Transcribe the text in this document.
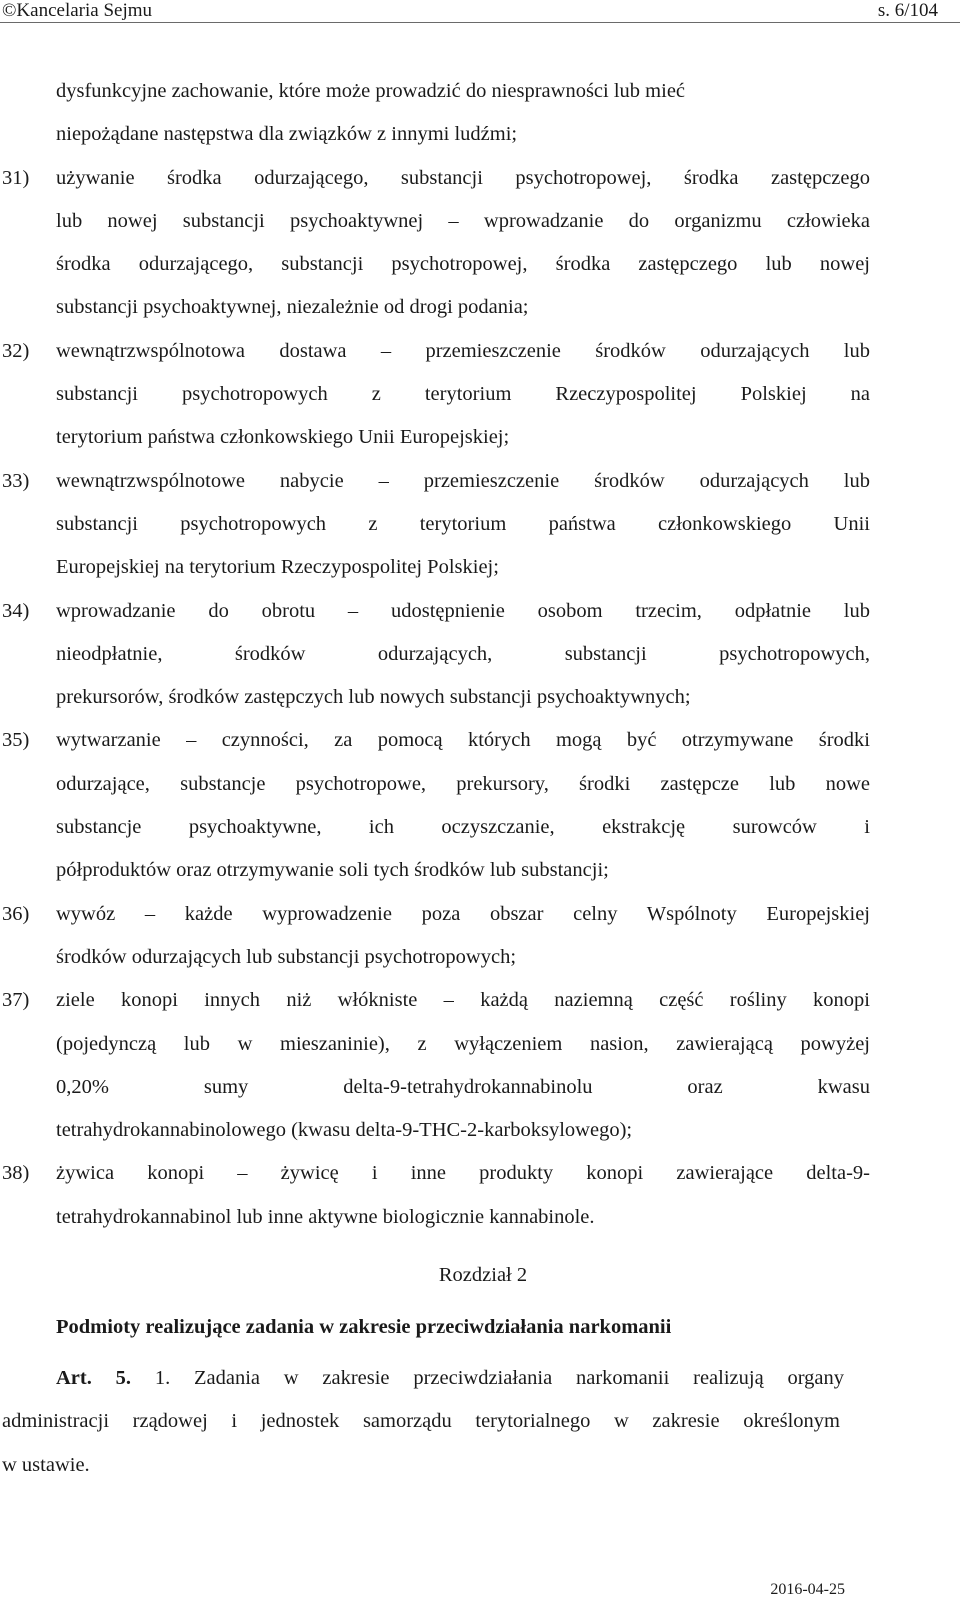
©Kancelaria Sejmu	s. 6/104
dysfunkcyjne zachowanie, które może prowadzić do niesprawności lub mieć
niepożądane następstwa dla związków z innymi ludźmi;
31) używanie środka odurzającego, substancji psychotropowej, środka zastępczego
lub nowej substancji psychoaktywnej – wprowadzanie do organizmu człowieka
środka odurzającego, substancji psychotropowej, środka zastępczego lub nowej
substancji psychoaktywnej, niezależnie od drogi podania;
32) wewnątrzwspólnotowa dostawa – przemieszczenie środków odurzających lub
substancji psychotropowych z terytorium Rzeczypospolitej Polskiej na
terytorium państwa członkowskiego Unii Europejskiej;
33) wewnątrzwspólnotowe nabycie – przemieszczenie środków odurzających lub
substancji psychotropowych z terytorium państwa członkowskiego Unii
Europejskiej na terytorium Rzeczypospolitej Polskiej;
34) wprowadzanie do obrotu – udostępnienie osobom trzecim, odpłatnie lub
nieodpłatnie, środków odurzających, substancji psychotropowych,
prekursorów, środków zastępczych lub nowych substancji psychoaktywnych;
35) wytwarzanie – czynności, za pomocą których mogą być otrzymywane środki
odurzające, substancje psychotropowe, prekursory, środki zastępcze lub nowe
substancje psychoaktywne, ich oczyszczanie, ekstrakcję surowców i
półproduktów oraz otrzymywanie soli tych środków lub substancji;
36) wywóz – każde wyprowadzenie poza obszar celny Wspólnoty Europejskiej
środków odurzających lub substancji psychotropowych;
37) ziele konopi innych niż włókniste ‒ każdą naziemną część rośliny konopi
(pojedynczą lub w mieszaninie), z wyłączeniem nasion, zawierającą powyżej
0,20% sumy delta-9-tetrahydrokannabinolu oraz kwasu
tetrahydrokannabinolowego (kwasu delta-9-THC-2-karboksylowego);
38) żywica konopi – żywicę i inne produkty konopi zawierające delta-9-
tetrahydrokannabinol lub inne aktywne biologicznie kannabinole.
Rozdział 2
Podmioty realizujące zadania w zakresie przeciwdziałania narkomanii
Art. 5. 1. Zadania w zakresie przeciwdziałania narkomanii realizują organy
administracji rządowej i jednostek samorządu terytorialnego w zakresie określonym
w ustawie.
2016-04-25
